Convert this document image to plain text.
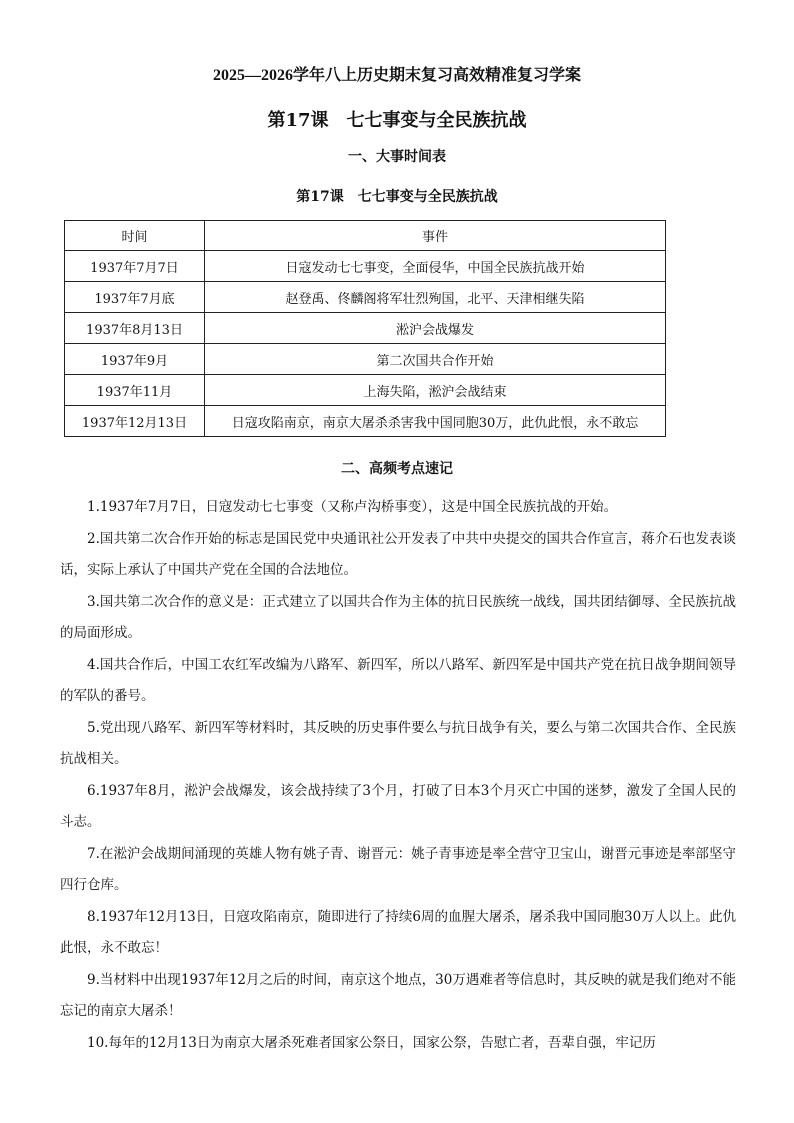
2025—2026学年八上历史期末复习高效精准复习学案
第17课　七七事变与全民族抗战
一、大事时间表
第17课　七七事变与全民族抗战
时间	事件
1937年7月7日	日寇发动七七事变，全面侵华，中国全民族抗战开始
1937年7月底	赵登禹、佟麟阁将军壮烈殉国，北平、天津相继失陷
1937年8月13日	淞沪会战爆发
1937年9月	第二次国共合作开始
1937年11月	上海失陷，淞沪会战结束
1937年12月13日	日寇攻陷南京，南京大屠杀杀害我中国同胞30万，此仇此恨，永不敢忘
二、高频考点速记

1.1937年7月7日，日寇发动七七事变（又称卢沟桥事变），这是中国全民族抗战的开始。

2.国共第二次合作开始的标志是国民党中央通讯社公开发表了中共中央提交的国共合作宣言，蒋介石也发表谈话，实际上承认了中国共产党在全国的合法地位。

3.国共第二次合作的意义是：正式建立了以国共合作为主体的抗日民族统一战线，国共团结御辱、全民族抗战的局面形成。

4.国共合作后，中国工农红军改编为八路军、新四军，所以八路军、新四军是中国共产党在抗日战争期间领导的军队的番号。

5.党出现八路军、新四军等材料时，其反映的历史事件要么与抗日战争有关，要么与第二次国共合作、全民族抗战相关。

6.1937年8月，淞沪会战爆发，该会战持续了3个月，打破了日本3个月灭亡中国的迷梦，激发了全国人民的斗志。

7.在淞沪会战期间涌现的英雄人物有姚子青、谢晋元：姚子青事迹是率全营守卫宝山，谢晋元事迹是率部坚守四行仓库。

8.1937年12月13日，日寇攻陷南京，随即进行了持续6周的血腥大屠杀，屠杀我中国同胞30万人以上。此仇此恨，永不敢忘！

9.当材料中出现1937年12月之后的时间，南京这个地点，30万遇难者等信息时，其反映的就是我们绝对不能忘记的南京大屠杀！

10.每年的12月13日为南京大屠杀死难者国家公祭日，国家公祭，告慰亡者，吾辈自强，牢记历
